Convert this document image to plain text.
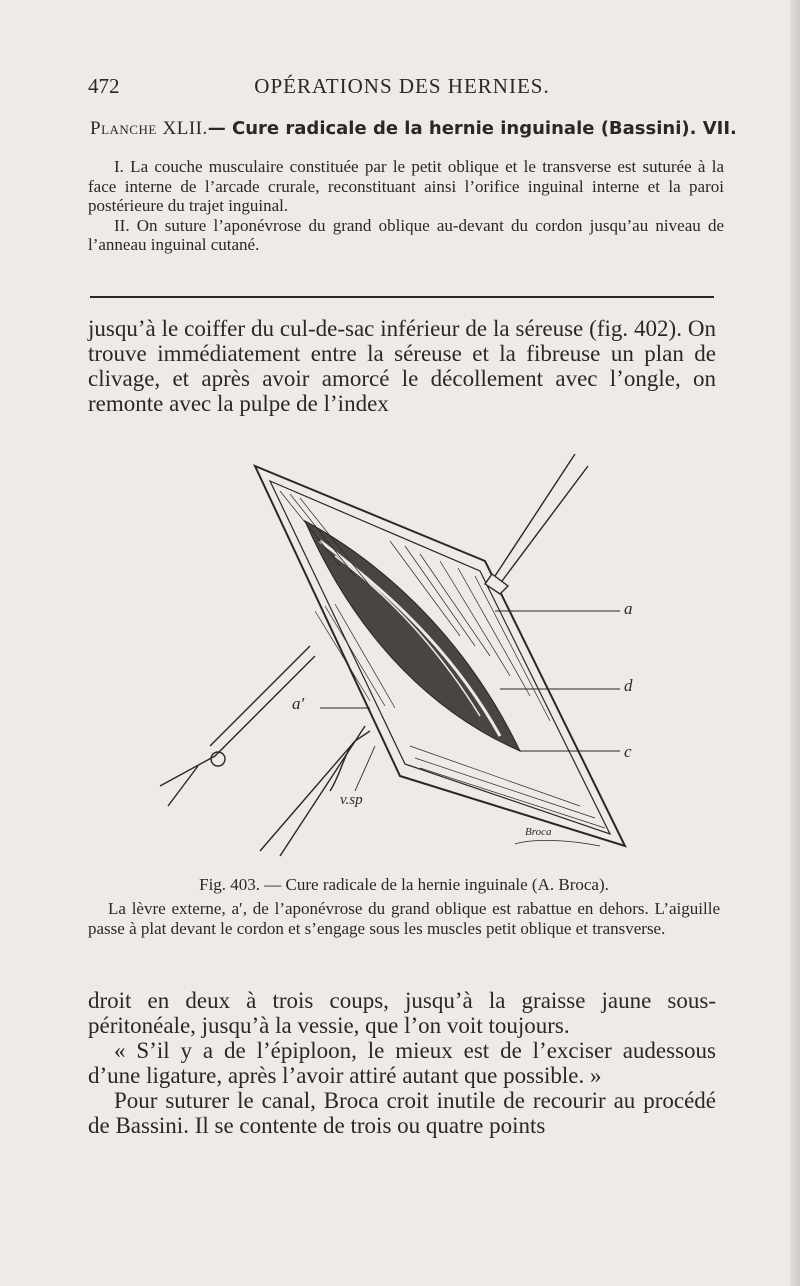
472	OPÉRATIONS DES HERNIES.
Planche XLII.— Cure radicale de la hernie inguinale (Bassini). VII.

I. La couche musculaire constituée par le petit oblique et le transverse est suturée à la face interne de l’arcade crurale, reconstituant ainsi l’orifice inguinal interne et la paroi postérieure du trajet inguinal.

II. On suture l’aponévrose du grand oblique au-devant du cordon jusqu’au niveau de l’anneau inguinal cutané.

jusqu’à le coiffer du cul-de-sac inférieur de la séreuse (fig. 402). On trouve immédiatement entre la séreuse et la fibreuse un plan de clivage, et après avoir amorcé le décollement avec l’ongle, on remonte avec la pulpe de l’index

a
d
c
a′
v.sp
Broca

Fig. 403. — Cure radicale de la hernie inguinale (A. Broca).

La lèvre externe, a′, de l’aponévrose du grand oblique est rabattue en dehors. L’aiguille passe à plat devant le cordon et s’engage sous les muscles petit oblique et transverse.

droit en deux à trois coups, jusqu’à la graisse jaune sous-péritonéale, jusqu’à la vessie, que l’on voit toujours.

« S’il y a de l’épiploon, le mieux est de l’exciser audessous d’une ligature, après l’avoir attiré autant que possible. »

Pour suturer le canal, Broca croit inutile de recourir au procédé de Bassini. Il se contente de trois ou quatre points
